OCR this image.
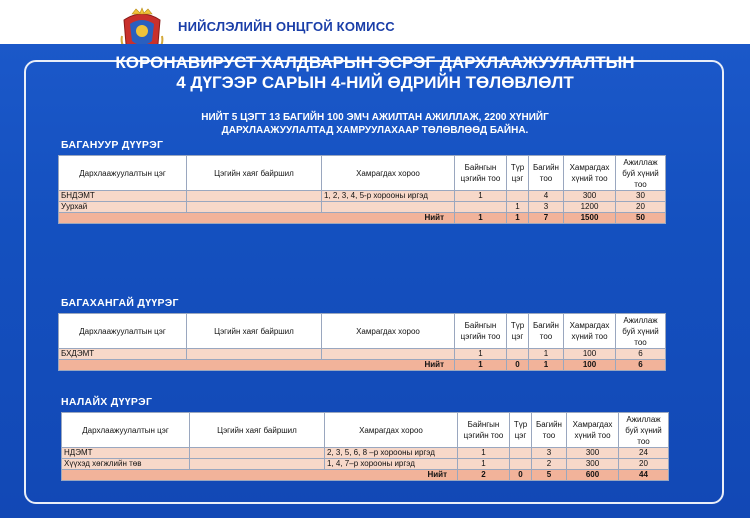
НИЙСЛЭЛИЙН ОНЦГОЙ КОМИСС
КОРОНАВИРУСТ ХАЛДВАРЫН ЭСРЭГ ДАРХЛААЖУУЛАЛТЫН
4 ДҮГЭЭР САРЫН 4-НИЙ ӨДРИЙН ТӨЛӨВЛӨЛТ
НИЙТ 5 ЦЭГТ 13 БАГИЙН 100 ЭМЧ АЖИЛТАН АЖИЛЛАЖ, 2200 ХҮНИЙГ
ДАРХЛААЖУУЛАЛТАД ХАМРУУЛАХААР ТӨЛӨВЛӨӨД БАЙНА.
БАГАНУУР ДҮҮРЭГ
Дархлаажуулалтын цэг	Цэгийн хаяг байршил	Хамрагдах хороо	Байнгын цэгийн тоо	Түр цэг	Багийн тоо	Хамрагдах хүний тоо	Ажиллаж буй хүний тоо
БНДЭМТ		1, 2, 3, 4, 5-р хорооны иргэд	1		4	300	30
Уурхай				1	3	1200	20
Нийт			1	1	7	1500	50
БАГАХАНГАЙ ДҮҮРЭГ
Дархлаажуулалтын цэг	Цэгийн хаяг байршил	Хамрагдах хороо	Байнгын цэгийн тоо	Түр цэг	Багийн тоо	Хамрагдах хүний тоо	Ажиллаж буй хүний тоо
БХДЭМТ			1		1	100	6
Нийт			1	0	1	100	6
НАЛАЙХ ДҮҮРЭГ
Дархлаажуулалтын цэг	Цэгийн хаяг байршил	Хамрагдах хороо	Байнгын цэгийн тоо	Түр цэг	Багийн тоо	Хамрагдах хүний тоо	Ажиллаж буй хүний тоо
НДЭМТ		2, 3, 5, 6, 8 –р хорооны иргэд	1		3	300	24
Хүүхэд хөгжлийн төв		1, 4, 7–р хорооны иргэд	1		2	300	20
Нийт			2	0	5	600	44
